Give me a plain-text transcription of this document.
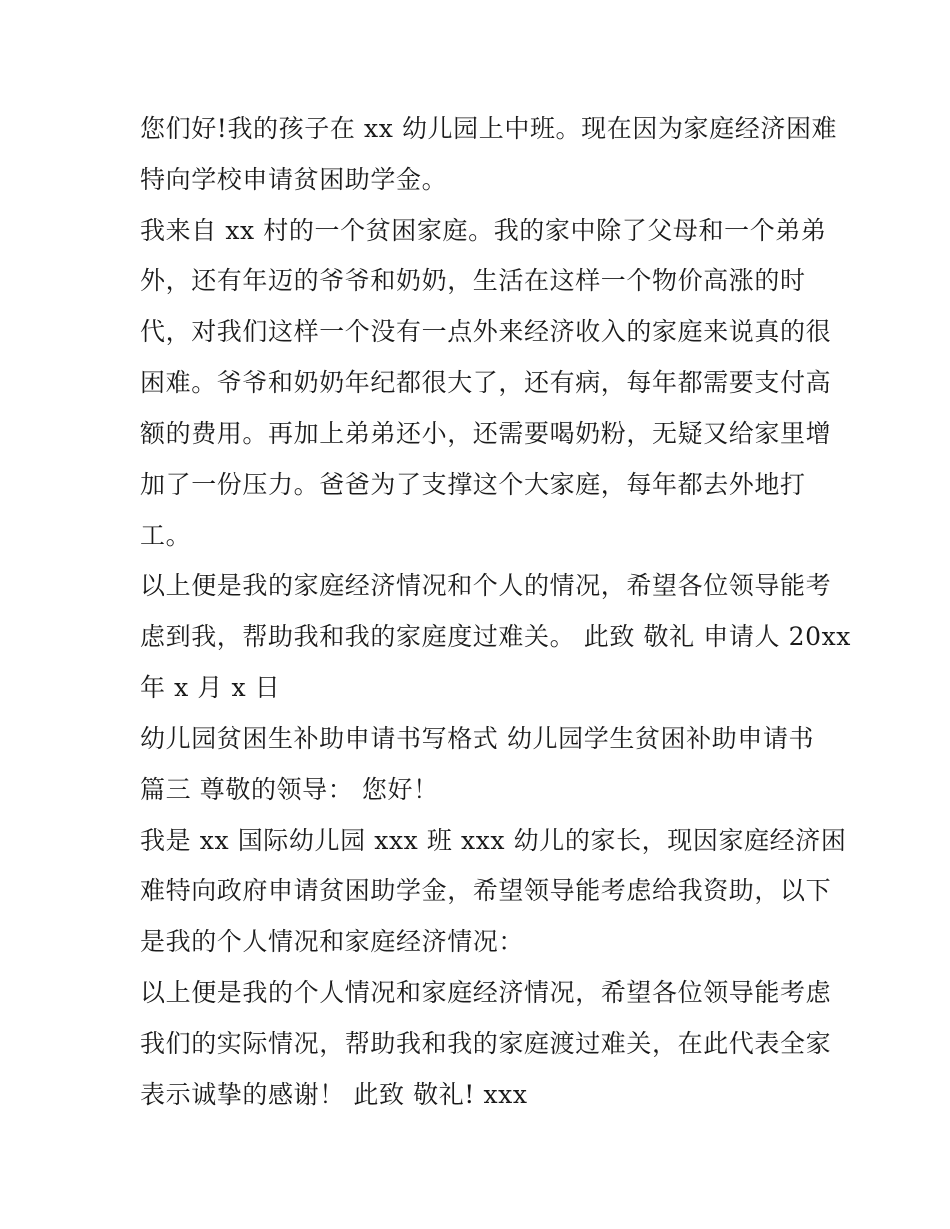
您们好!我的孩子在 xx 幼儿园上中班。现在因为家庭经济困难

特向学校申请贫困助学金。

我来自 xx 村的一个贫困家庭。我的家中除了父母和一个弟弟

外，还有年迈的爷爷和奶奶，生活在这样一个物价高涨的时

代，对我们这样一个没有一点外来经济收入的家庭来说真的很

困难。爷爷和奶奶年纪都很大了，还有病，每年都需要支付高

额的费用。再加上弟弟还小，还需要喝奶粉，无疑又给家里增

加了一份压力。爸爸为了支撑这个大家庭，每年都去外地打

工。

以上便是我的家庭经济情况和个人的情况，希望各位领导能考

虑到我，帮助我和我的家庭度过难关。 此致 敬礼 申请人 20xx

年 x 月 x 日

幼儿园贫困生补助申请书写格式 幼儿园学生贫困补助申请书

篇三 尊敬的领导： 您好！

我是 xx 国际幼儿园 xxx 班 xxx 幼儿的家长，现因家庭经济困

难特向政府申请贫困助学金，希望领导能考虑给我资助，以下

是我的个人情况和家庭经济情况：

以上便是我的个人情况和家庭经济情况，希望各位领导能考虑

我们的实际情况，帮助我和我的家庭渡过难关，在此代表全家

表示诚挚的感谢！ 此致 敬礼! xxx
